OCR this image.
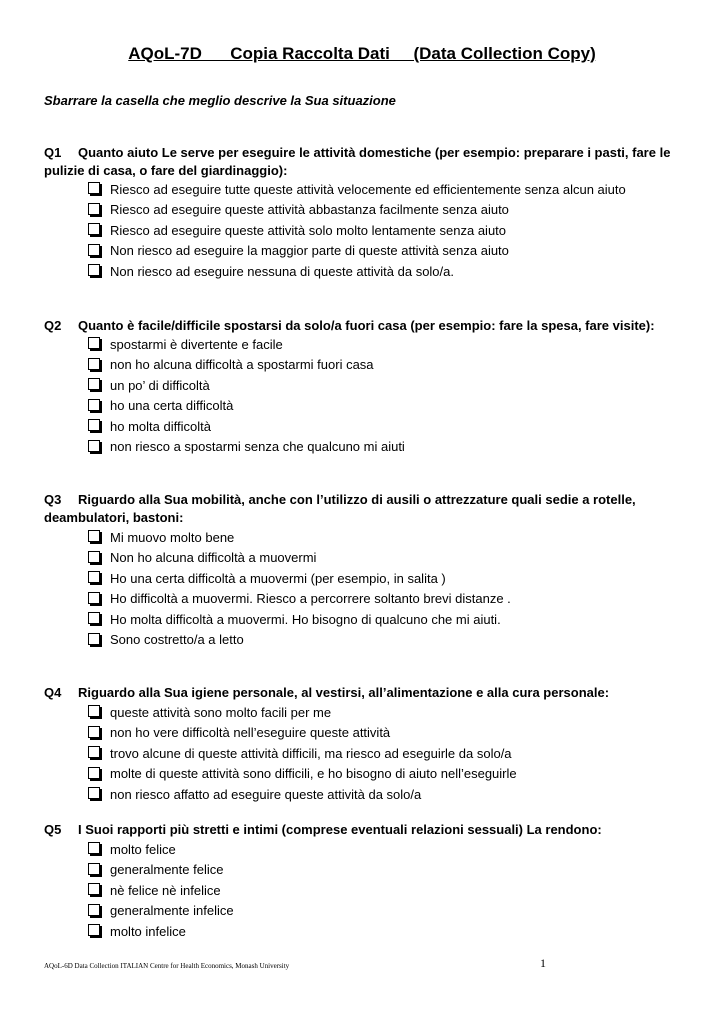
AQoL-7D      Copia Raccolta Dati     (Data Collection Copy)
Sbarrare la casella che meglio descrive la Sua situazione
Q1 Quanto aiuto Le serve per eseguire le attività domestiche (per esempio: preparare i pasti, fare le pulizie di casa, o fare del giardinaggio):
Riesco ad eseguire tutte queste attività velocemente ed efficientemente senza alcun aiuto
Riesco ad eseguire queste attività abbastanza facilmente senza aiuto
Riesco ad eseguire queste attività solo molto lentamente senza aiuto
Non riesco ad eseguire la maggior parte di queste attività senza aiuto
Non riesco ad eseguire nessuna di queste attività da solo/a.
Q2 Quanto è facile/difficile spostarsi da solo/a fuori casa (per esempio: fare la spesa, fare visite):
spostarmi è divertente e facile
non ho alcuna difficoltà a spostarmi fuori casa
un po’ di difficoltà
ho una certa difficoltà
ho molta difficoltà
non riesco a spostarmi senza che qualcuno mi aiuti
Q3 Riguardo alla Sua mobilità, anche con l’utilizzo di ausili o attrezzature quali sedie a rotelle, deambulatori, bastoni:
Mi muovo molto bene
Non ho alcuna difficoltà a muovermi
Ho una certa difficoltà a muovermi (per esempio, in salita )
Ho difficoltà a muovermi. Riesco a percorrere soltanto brevi distanze .
Ho molta difficoltà a muovermi. Ho bisogno di qualcuno che mi aiuti.
Sono costretto/a a letto
Q4 Riguardo alla Sua igiene personale, al vestirsi, all’alimentazione e alla cura personale:
queste attività sono molto facili per me
non ho vere difficoltà nell’eseguire queste attività
trovo alcune di queste attività difficili, ma riesco ad eseguirle da solo/a
molte di queste attività sono difficili, e ho bisogno di aiuto nell’eseguirle
non riesco affatto ad eseguire queste attività da solo/a
Q5 I Suoi rapporti più stretti e intimi (comprese eventuali relazioni sessuali) La rendono:
molto felice
generalmente felice
nè felice nè infelice
generalmente infelice
molto infelice
AQoL-6D Data Collection ITALIAN Centre for Health Economics, Monash University	1
